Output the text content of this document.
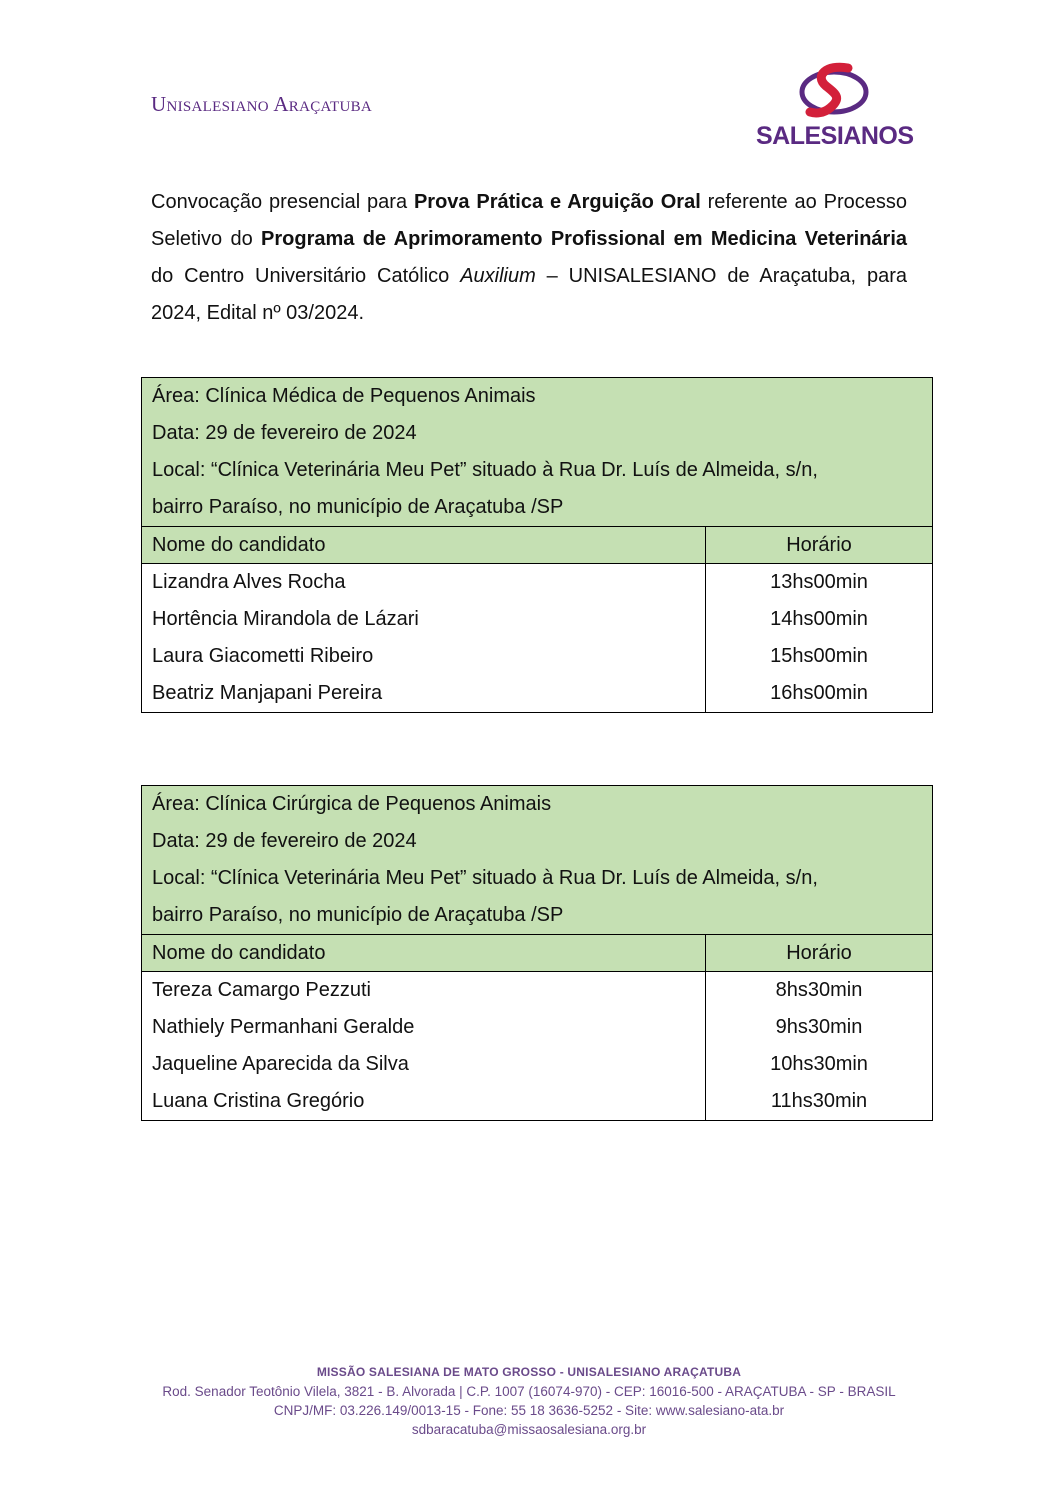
Unisalesiano Araçatuba
SALESIANOS
Convocação presencial para Prova Prática e Arguição Oral referente ao Processo Seletivo do Programa de Aprimoramento Profissional em Medicina Veterinária do Centro Universitário Católico Auxilium – UNISALESIANO de Araçatuba, para 2024, Edital nº 03/2024.
Área: Clínica Médica de Pequenos Animais
Data: 29 de fevereiro de 2024
Local: “Clínica Veterinária Meu Pet” situado à Rua Dr. Luís de Almeida, s/n,
bairro Paraíso, no município de Araçatuba /SP	

Nome do candidato	Horário
Lizandra Alves Rocha	13hs00min
Hortência Mirandola de Lázari	14hs00min
Laura Giacometti Ribeiro	15hs00min
Beatriz Manjapani Pereira	16hs00min
Área: Clínica Cirúrgica de Pequenos Animais
Data: 29 de fevereiro de 2024
Local: “Clínica Veterinária Meu Pet” situado à Rua Dr. Luís de Almeida, s/n,
bairro Paraíso, no município de Araçatuba /SP	

Nome do candidato	Horário
Tereza Camargo Pezzuti	8hs30min
Nathiely Permanhani Geralde	9hs30min
Jaqueline Aparecida da Silva	10hs30min
Luana Cristina Gregório	11hs30min
MISSÃO SALESIANA DE MATO GROSSO - UNISALESIANO ARAÇATUBA
Rod. Senador Teotônio Vilela, 3821 - B. Alvorada | C.P. 1007 (16074-970) - CEP: 16016-500 - ARAÇATUBA - SP - BRASIL
CNPJ/MF: 03.226.149/0013-15 - Fone: 55 18 3636-5252 - Site: www.salesiano-ata.br
sdbaracatuba@missaosalesiana.org.br
